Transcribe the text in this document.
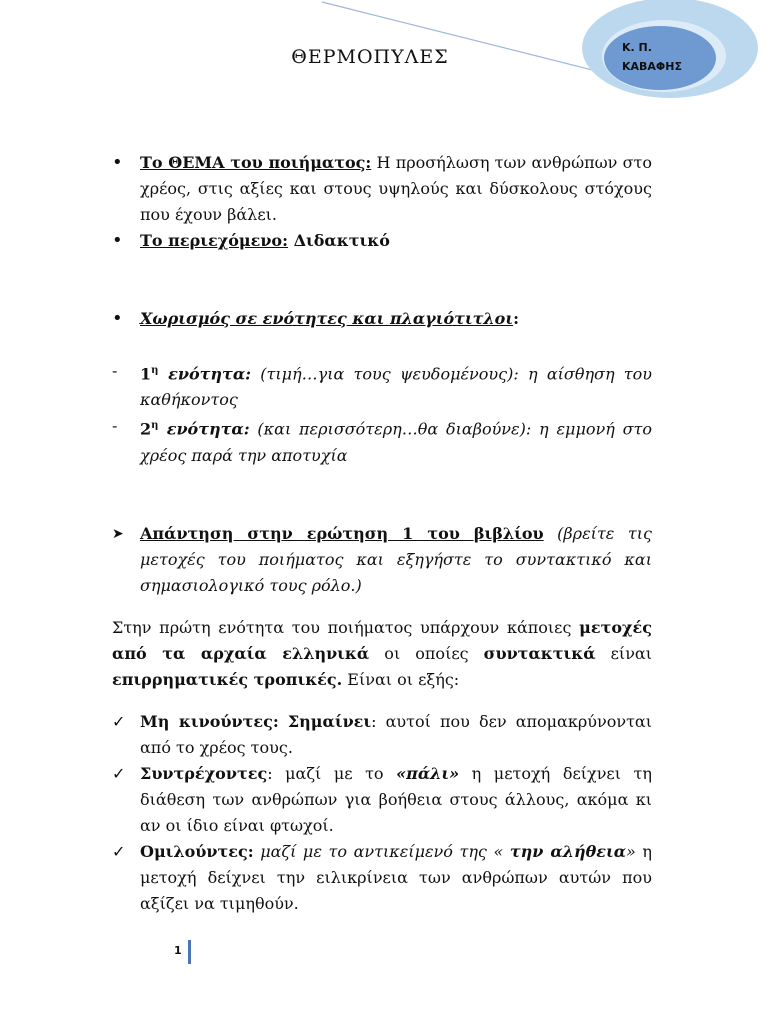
Κ. Π.
ΚΑΒΑΦΗΣ
ΘΕΡΜΟΠΥΛΕΣ
•	Το ΘΕΜΑ του ποιήματος: Η προσήλωση των ανθρώπων στο χρέος, στις αξίες και στους υψηλούς και δύσκολους στόχους που έχουν βάλει.
•	Το περιεχόμενο: Διδακτικό
•	Χωρισμός σε ενότητες και πλαγιότιτλοι:
-	$1^\eta$ ενότητα: (τιμή…για τους ψευδομένους): η αίσθηση του καθήκοντος
-	$2^\eta$ ενότητα: (και περισσότερη…θα διαβούνε): η εμμονή στο χρέος παρά την αποτυχία
➤	Απάντηση στην ερώτηση 1 του βιβλίου (βρείτε τις μετοχές του ποιήματος και εξηγήστε το συντακτικό και σημασιολογικό τους ρόλο.)
Στην πρώτη ενότητα του ποιήματος υπάρχουν κάποιες μετοχές από τα αρχαία ελληνικά οι οποίες συντακτικά είναι επιρρηματικές τροπικές. Είναι οι εξής:
✓ Μη κινούντες: Σημαίνει: αυτοί που δεν απομακρύνονται από το χρέος τους.
✓ Συντρέχοντες: μαζί με το «πάλι» η μετοχή δείχνει τη διάθεση των ανθρώπων για βοήθεια στους άλλους, ακόμα κι αν οι ίδιο είναι φτωχοί.
✓ Ομιλούντες: μαζί με το αντικείμενό της « την αλήθεια» η μετοχή δείχνει την ειλικρίνεια των ανθρώπων αυτών που αξίζει να τιμηθούν.
1
